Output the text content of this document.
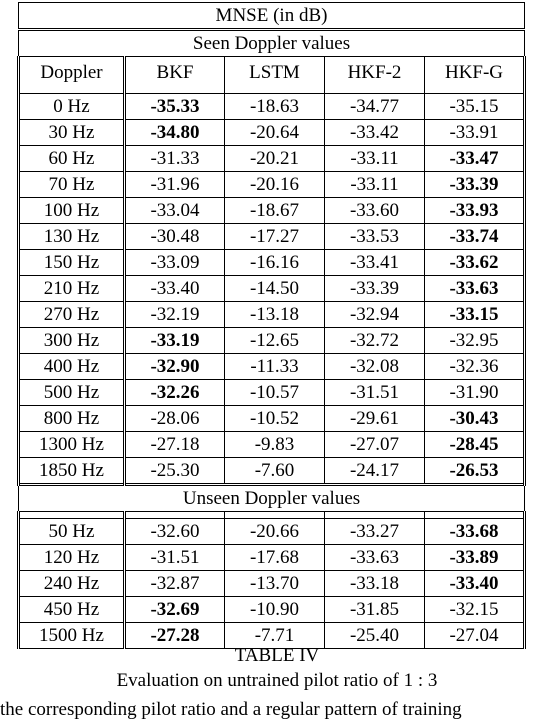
MNSE (in dB)				
Seen Doppler values				
Doppler	BKF	LSTM	HKF-2	HKF-G

0 Hz	-35.33	-18.63	-34.77	-35.15
30 Hz	-34.80	-20.64	-33.42	-33.91
60 Hz	-31.33	-20.21	-33.11	-33.47
70 Hz	-31.96	-20.16	-33.11	-33.39
100 Hz	-33.04	-18.67	-33.60	-33.93
130 Hz	-30.48	-17.27	-33.53	-33.74
150 Hz	-33.09	-16.16	-33.41	-33.62
210 Hz	-33.40	-14.50	-33.39	-33.63
270 Hz	-32.19	-13.18	-32.94	-33.15
300 Hz	-33.19	-12.65	-32.72	-32.95
400 Hz	-32.90	-11.33	-32.08	-32.36
500 Hz	-32.26	-10.57	-31.51	-31.90
800 Hz	-28.06	-10.52	-29.61	-30.43
1300 Hz	-27.18	-9.83	-27.07	-28.45
1850 Hz	-25.30	-7.60	-24.17	-26.53
Unseen Doppler values				

50 Hz	-32.60	-20.66	-33.27	-33.68
120 Hz	-31.51	-17.68	-33.63	-33.89
240 Hz	-32.87	-13.70	-33.18	-33.40
450 Hz	-32.69	-10.90	-31.85	-32.15
1500 Hz	-27.28	-7.71	-25.40	-27.04
TABLE IV
Evaluation on untrained pilot ratio of 1 : 3
the corresponding pilot ratio and a regular pattern of training
